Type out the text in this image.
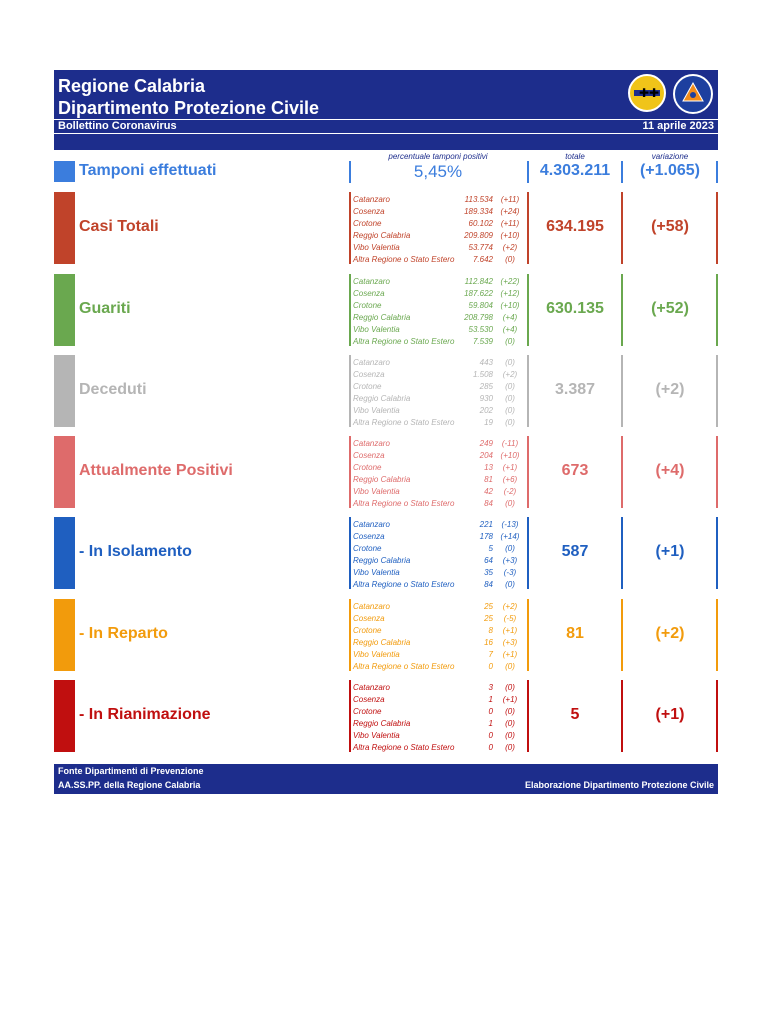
Regione Calabria
Dipartimento Protezione Civile
✚ ✚
Bollettino Coronavirus	11 aprile 2023
percentuale tamponi positivi	totale	variazione
Tamponi effettuati	5,45%	4.303.211	(+1.065)
Casi Totali
Catanzaro	113.534 (+11)
Cosenza	189.334 (+24)
Crotone	60.102 (+11)
Reggio Calabria	209.809 (+10)
Vibo Valentia	53.774	(+2)
Altra Regione o Stato Estero	7.642	(0)
634.195	(+58)
Guariti
Catanzaro	112.842 (+22)
Cosenza	187.622 (+12)
Crotone	59.804 (+10)
Reggio Calabria	208.798	(+4)
Vibo Valentia	53.530	(+4)
Altra Regione o Stato Estero	7.539	(0)
630.135	(+52)
Deceduti
Catanzaro	443	(0)
Cosenza	1.508	(+2)
Crotone	285	(0)
Reggio Calabria	930	(0)
Vibo Valentia	202	(0)
Altra Regione o Stato Estero	19	(0)
3.387	(+2)
Attualmente Positivi
Catanzaro	249	(-11)
Cosenza	204 (+10)
Crotone	13	(+1)
Reggio Calabria	81	(+6)
Vibo Valentia	42	(-2)
Altra Regione o Stato Estero	84	(0)
673	(+4)
- In Isolamento
Catanzaro	221	(-13)
Cosenza	178 (+14)
Crotone	5	(0)
Reggio Calabria	64	(+3)
Vibo Valentia	35	(-3)
Altra Regione o Stato Estero	84	(0)
587	(+1)
- In Reparto
Catanzaro	25	(+2)
Cosenza	25	(-5)
Crotone	8	(+1)
Reggio Calabria	16	(+3)
Vibo Valentia	7	(+1)
Altra Regione o Stato Estero	0	(0)
81	(+2)
- In Rianimazione
Catanzaro	3	(0)
Cosenza	1	(+1)
Crotone	0	(0)
Reggio Calabria	1	(0)
Vibo Valentia	0	(0)
Altra Regione o Stato Estero	0	(0)
5	(+1)
Fonte Dipartimenti di Prevenzione
AA.SS.PP. della Regione Calabria	Elaborazione Dipartimento Protezione Civile
